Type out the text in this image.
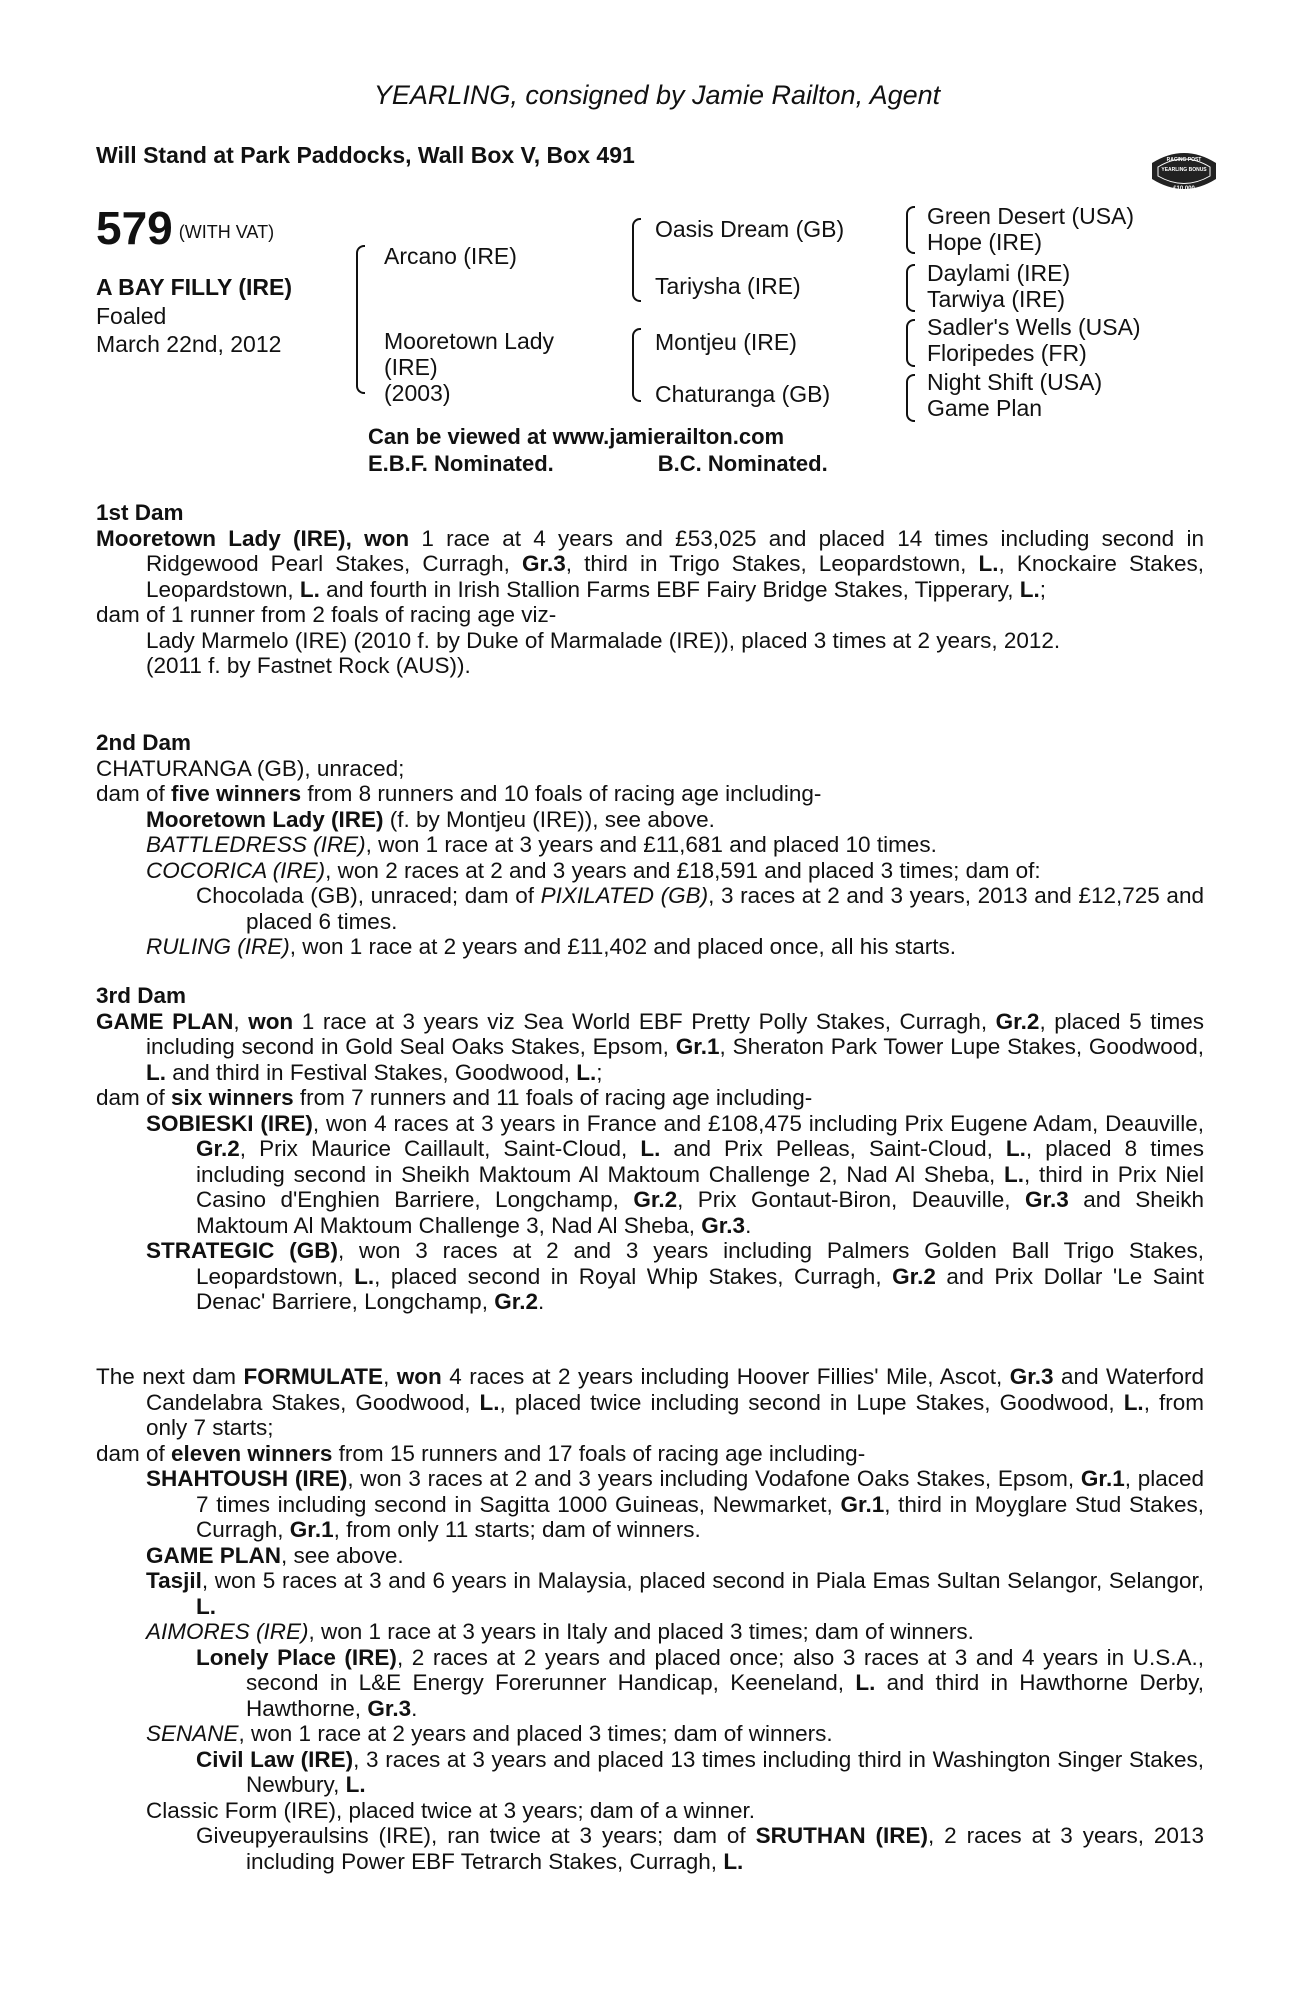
YEARLING, consigned by Jamie Railton, Agent
Will Stand at Park Paddocks, Wall Box V, Box 491	RACING POST
YEARLING BONUS
£10,000
579 (WITH VAT)
A BAY FILLY (IRE)
Foaled
March 22nd, 2012
Arcano (IRE)
Mooretown Lady
(IRE)
(2003)
Oasis Dream (GB)
Tariysha (IRE)
Montjeu (IRE)
Chaturanga (GB)
Green Desert (USA)
Hope (IRE)
Daylami (IRE)
Tarwiya (IRE)
Sadler's Wells (USA)
Floripedes (FR)
Night Shift (USA)
Game Plan
Can be viewed at www.jamierailton.com
E.B.F. Nominated.	B.C. Nominated.
1st Dam
Mooretown Lady (IRE), won 1 race at 4 years and £53,025 and placed 14 times including second in Ridgewood Pearl Stakes, Curragh, Gr.3, third in Trigo Stakes, Leopardstown, L., Knockaire Stakes, Leopardstown, L. and fourth in Irish Stallion Farms EBF Fairy Bridge Stakes, Tipperary, L.;
dam of 1 runner from 2 foals of racing age viz-
Lady Marmelo (IRE) (2010 f. by Duke of Marmalade (IRE)), placed 3 times at 2 years, 2012.
(2011 f. by Fastnet Rock (AUS)).
2nd Dam
CHATURANGA (GB), unraced;
dam of five winners from 8 runners and 10 foals of racing age including-
Mooretown Lady (IRE) (f. by Montjeu (IRE)), see above.
BATTLEDRESS (IRE), won 1 race at 3 years and £11,681 and placed 10 times.
COCORICA (IRE), won 2 races at 2 and 3 years and £18,591 and placed 3 times; dam of:
Chocolada (GB), unraced; dam of PIXILATED (GB), 3 races at 2 and 3 years, 2013 and £12,725 and placed 6 times.
RULING (IRE), won 1 race at 2 years and £11,402 and placed once, all his starts.
3rd Dam
GAME PLAN, won 1 race at 3 years viz Sea World EBF Pretty Polly Stakes, Curragh, Gr.2, placed 5 times including second in Gold Seal Oaks Stakes, Epsom, Gr.1, Sheraton Park Tower Lupe Stakes, Goodwood, L. and third in Festival Stakes, Goodwood, L.;
dam of six winners from 7 runners and 11 foals of racing age including-
SOBIESKI (IRE), won 4 races at 3 years in France and £108,475 including Prix Eugene Adam, Deauville, Gr.2, Prix Maurice Caillault, Saint-Cloud, L. and Prix Pelleas, Saint-Cloud, L., placed 8 times including second in Sheikh Maktoum Al Maktoum Challenge 2, Nad Al Sheba, L., third in Prix Niel Casino d'Enghien Barriere, Longchamp, Gr.2, Prix Gontaut-Biron, Deauville, Gr.3 and Sheikh Maktoum Al Maktoum Challenge 3, Nad Al Sheba, Gr.3.
STRATEGIC (GB), won 3 races at 2 and 3 years including Palmers Golden Ball Trigo Stakes, Leopardstown, L., placed second in Royal Whip Stakes, Curragh, Gr.2 and Prix Dollar 'Le Saint Denac' Barriere, Longchamp, Gr.2.
The next dam FORMULATE, won 4 races at 2 years including Hoover Fillies' Mile, Ascot, Gr.3 and Waterford Candelabra Stakes, Goodwood, L., placed twice including second in Lupe Stakes, Goodwood, L., from only 7 starts;
dam of eleven winners from 15 runners and 17 foals of racing age including-
SHAHTOUSH (IRE), won 3 races at 2 and 3 years including Vodafone Oaks Stakes, Epsom, Gr.1, placed 7 times including second in Sagitta 1000 Guineas, Newmarket, Gr.1, third in Moyglare Stud Stakes, Curragh, Gr.1, from only 11 starts; dam of winners.
GAME PLAN, see above.
Tasjil, won 5 races at 3 and 6 years in Malaysia, placed second in Piala Emas Sultan Selangor, Selangor, L.
AIMORES (IRE), won 1 race at 3 years in Italy and placed 3 times; dam of winners.
Lonely Place (IRE), 2 races at 2 years and placed once; also 3 races at 3 and 4 years in U.S.A., second in L&E Energy Forerunner Handicap, Keeneland, L. and third in Hawthorne Derby, Hawthorne, Gr.3.
SENANE, won 1 race at 2 years and placed 3 times; dam of winners.
Civil Law (IRE), 3 races at 3 years and placed 13 times including third in Washington Singer Stakes, Newbury, L.
Classic Form (IRE), placed twice at 3 years; dam of a winner.
Giveupyeraulsins (IRE), ran twice at 3 years; dam of SRUTHAN (IRE), 2 races at 3 years, 2013 including Power EBF Tetrarch Stakes, Curragh, L.
